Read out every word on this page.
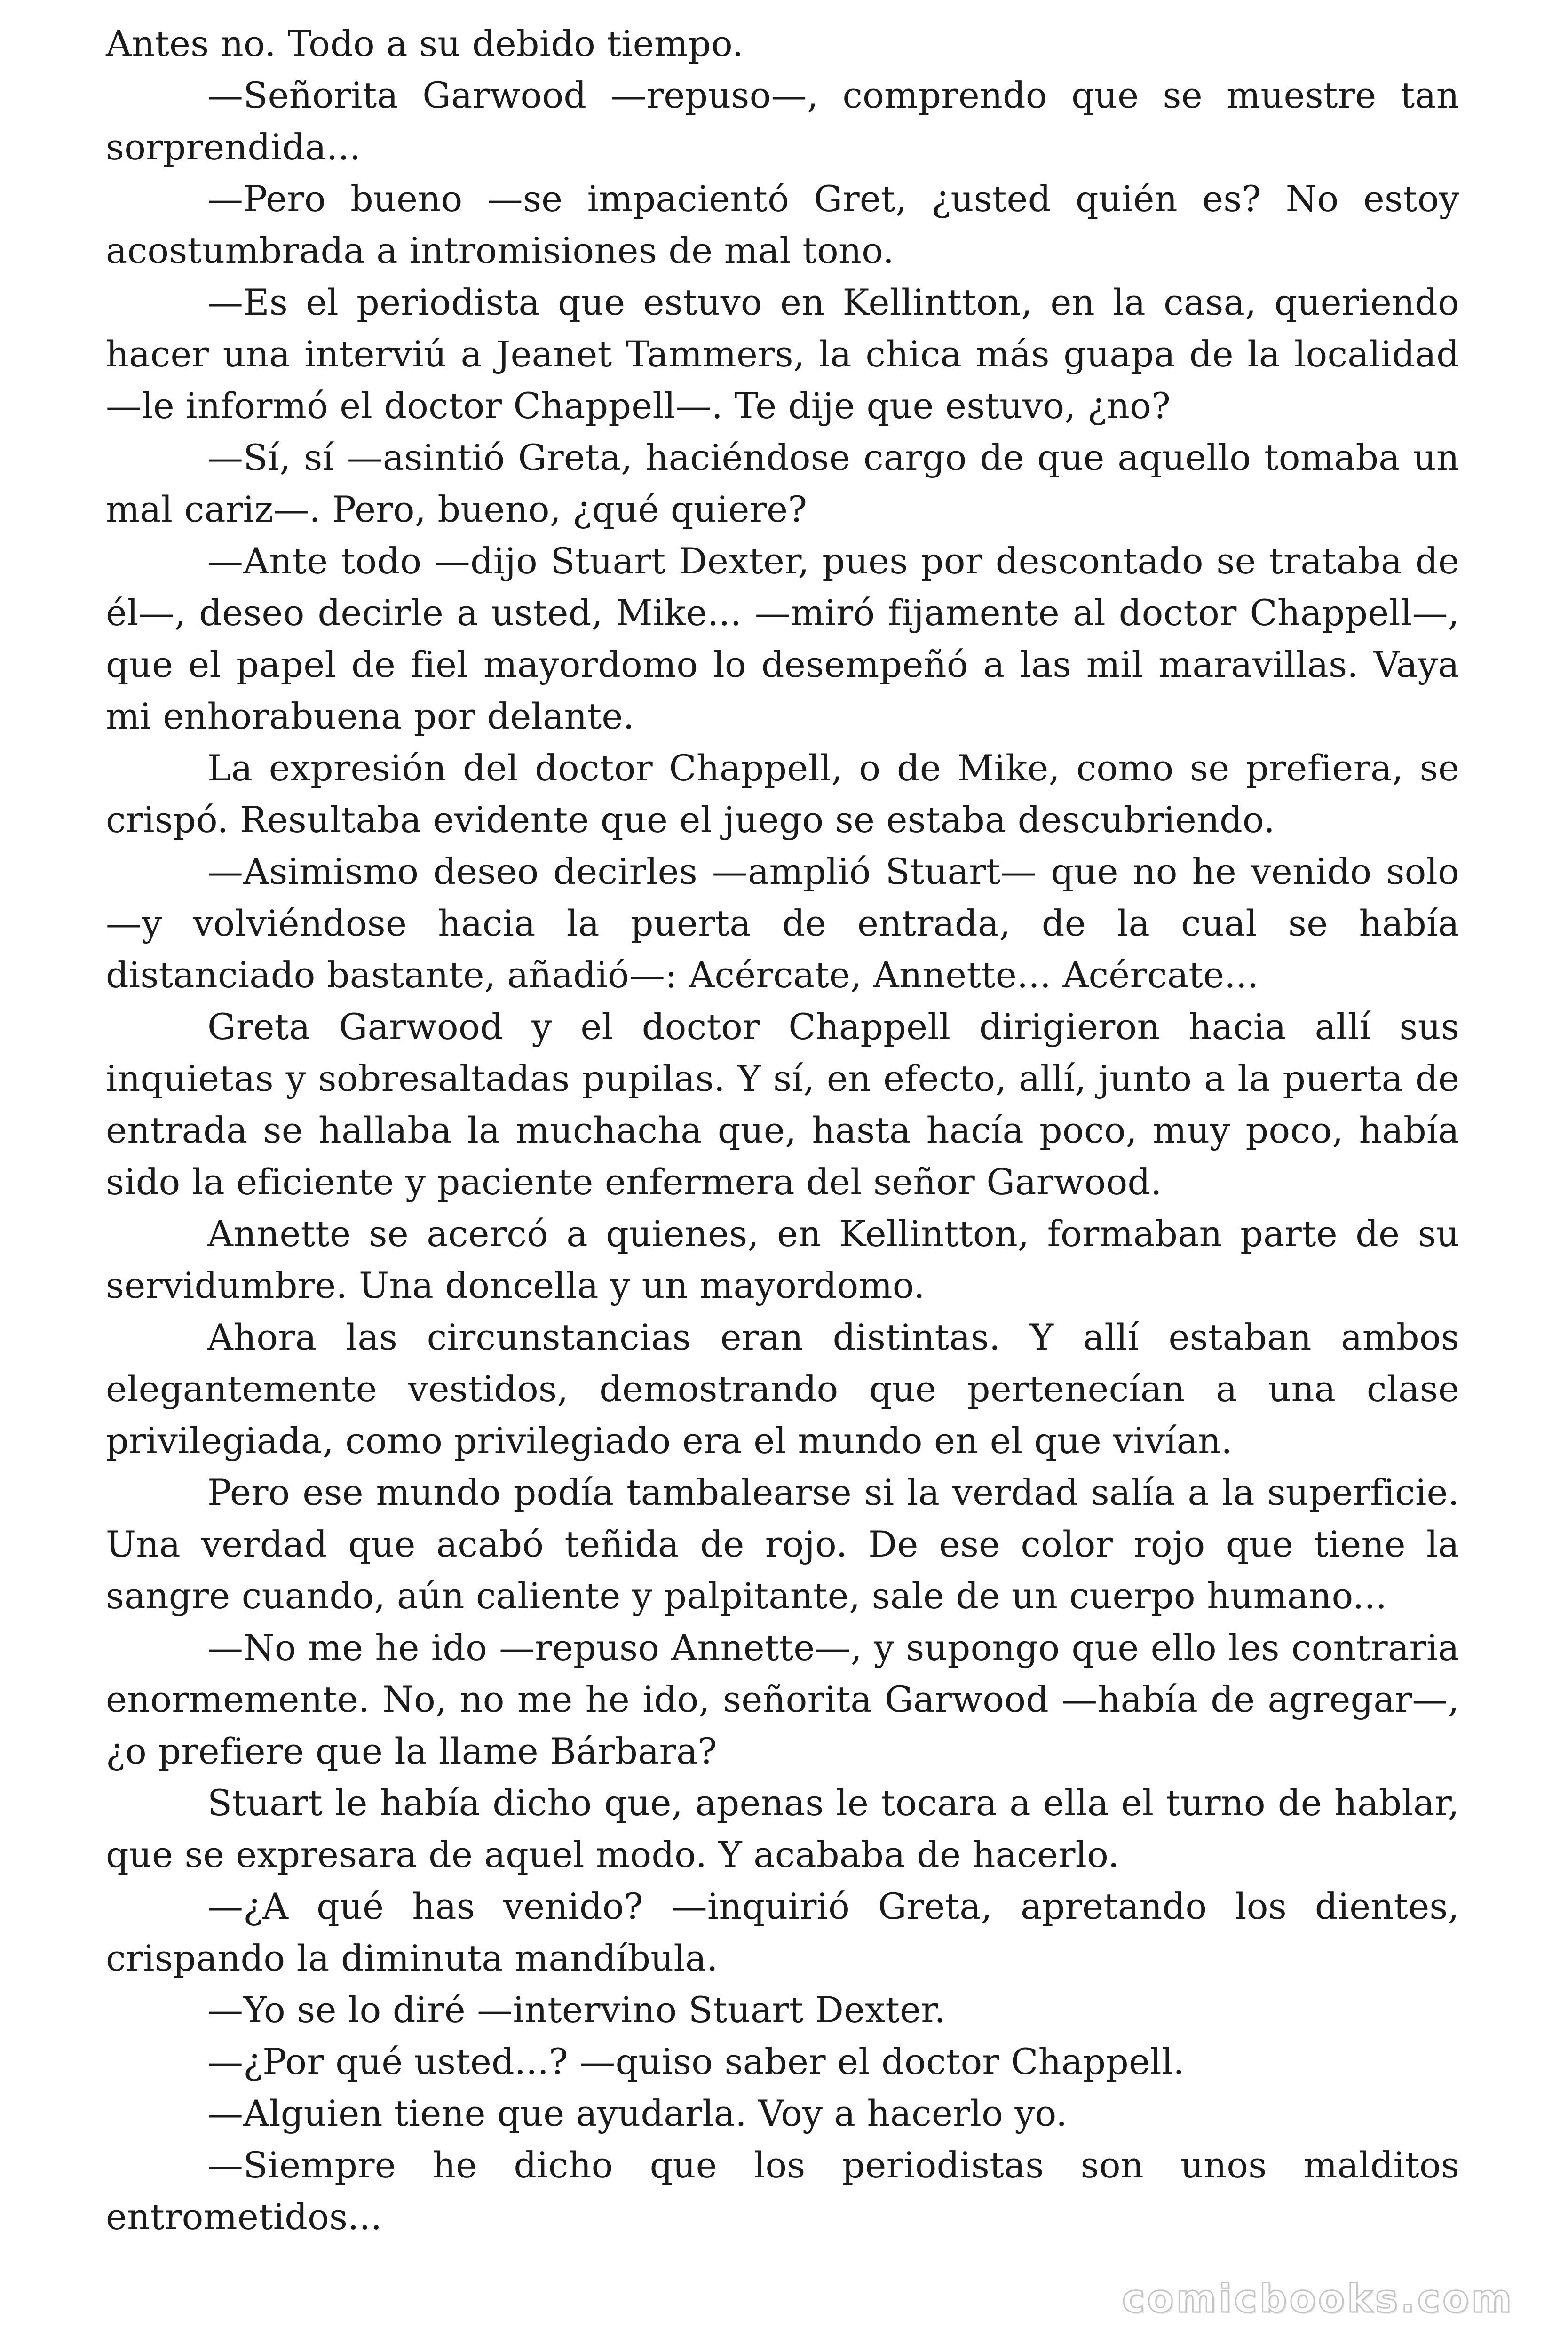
Antes no. Todo a su debido tiempo.

—Señorita Garwood —repuso—, comprendo que se muestre tan sorprendida...

—Pero bueno —se impacientó Gret, ¿usted quién es? No estoy acostumbrada a intromisiones de mal tono.

—Es el periodista que estuvo en Kellintton, en la casa, queriendo hacer una interviú a Jeanet Tammers, la chica más guapa de la localidad —le informó el doctor Chappell—. Te dije que estuvo, ¿no?

—Sí, sí —asintió Greta, haciéndose cargo de que aquello tomaba un mal cariz—. Pero, bueno, ¿qué quiere?

—Ante todo —dijo Stuart Dexter, pues por descontado se trataba de él—, deseo decirle a usted, Mike... —miró fijamente al doctor Chappell—, que el papel de fiel mayordomo lo desempeñó a las mil maravillas. Vaya mi enhorabuena por delante.

La expresión del doctor Chappell, o de Mike, como se prefiera, se crispó. Resultaba evidente que el juego se estaba descubriendo.

—Asimismo deseo decirles —amplió Stuart— que no he venido solo —y volviéndose hacia la puerta de entrada, de la cual se había distanciado bastante, añadió—: Acércate, Annette... Acércate...

Greta Garwood y el doctor Chappell dirigieron hacia allí sus inquietas y sobresaltadas pupilas. Y sí, en efecto, allí, junto a la puerta de entrada se hallaba la muchacha que, hasta hacía poco, muy poco, había sido la eficiente y paciente enfermera del señor Garwood.

Annette se acercó a quienes, en Kellintton, formaban parte de su servidumbre. Una doncella y un mayordomo.

Ahora las circunstancias eran distintas. Y allí estaban ambos elegantemente vestidos, demostrando que pertenecían a una clase privilegiada, como privilegiado era el mundo en el que vivían.

Pero ese mundo podía tambalearse si la verdad salía a la superficie. Una verdad que acabó teñida de rojo. De ese color rojo que tiene la sangre cuando, aún caliente y palpitante, sale de un cuerpo humano...

—No me he ido —repuso Annette—, y supongo que ello les contraria enormemente. No, no me he ido, señorita Garwood —había de agregar—, ¿o prefiere que la llame Bárbara?

Stuart le había dicho que, apenas le tocara a ella el turno de hablar, que se expresara de aquel modo. Y acababa de hacerlo.

—¿A qué has venido? —inquirió Greta, apretando los dientes, crispando la diminuta mandíbula.

—Yo se lo diré —intervino Stuart Dexter.

—¿Por qué usted...? —quiso saber el doctor Chappell.

—Alguien tiene que ayudarla. Voy a hacerlo yo.

—Siempre he dicho que los periodistas son unos malditos entrometidos...

comicbooks.com
